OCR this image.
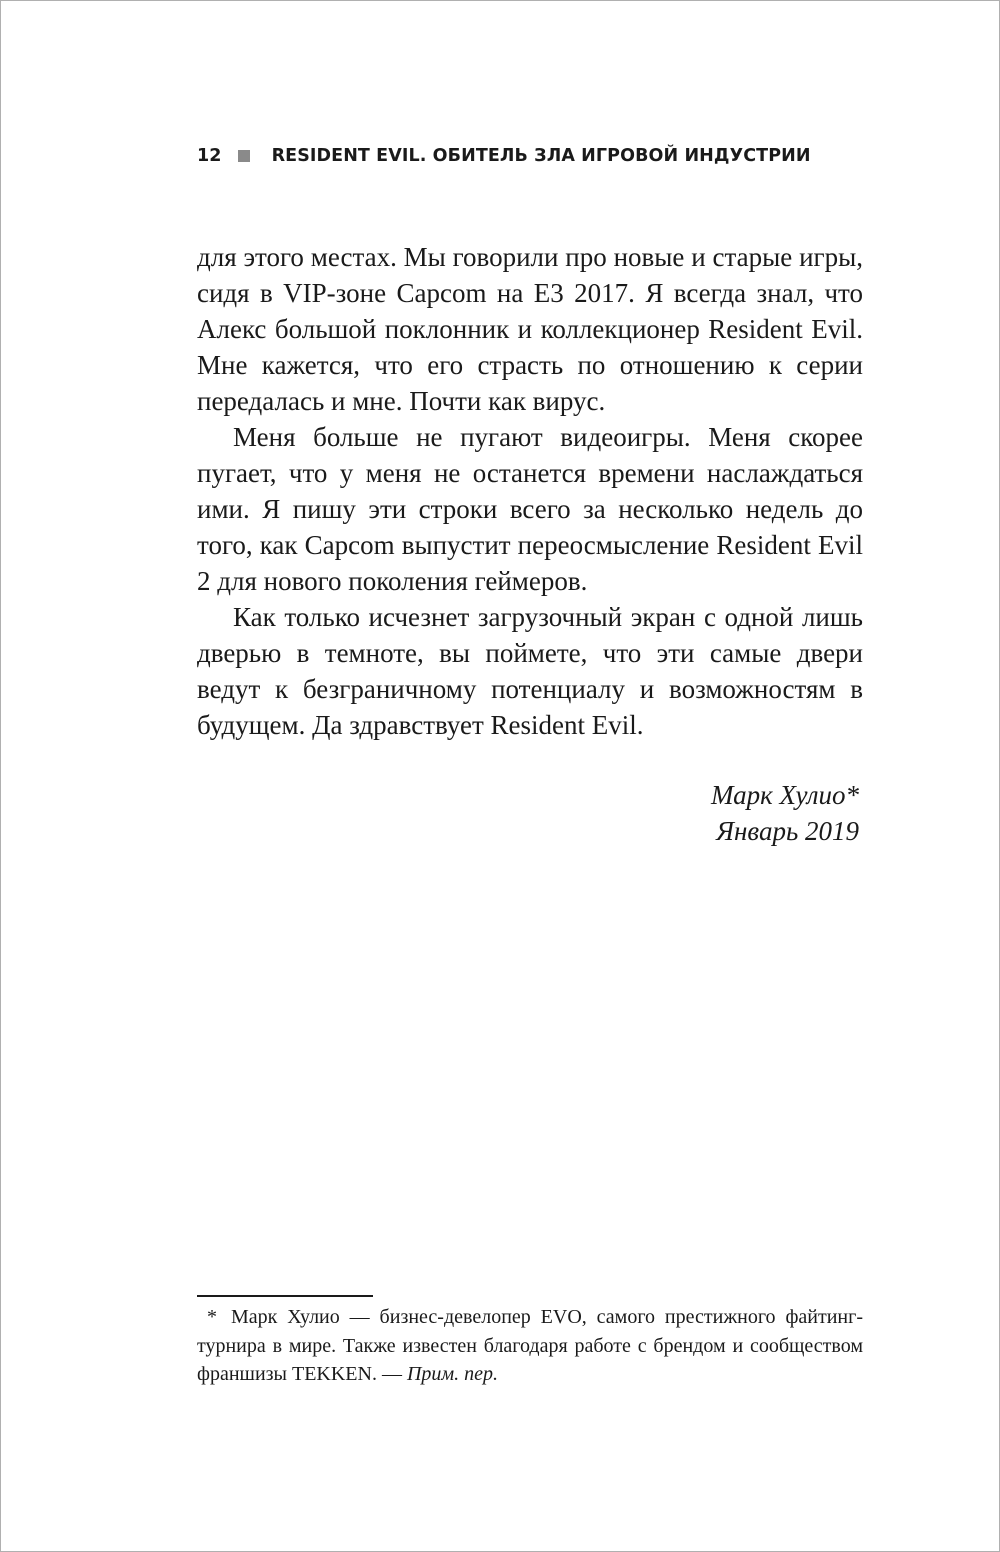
12	RESIDENT EVIL. ОБИТЕЛЬ ЗЛА ИГРОВОЙ ИНДУСТРИИ

для этого местах. Мы говорили про новые и старые игры, сидя в VIP-зоне Capcom на E3 2017. Я всегда знал, что Алекс большой поклонник и коллекционер Resident Evil. Мне кажется, что его страсть по отношению к серии передалась и мне. Почти как вирус.

Меня больше не пугают видеоигры. Меня скорее пугает, что у меня не останется времени наслаждаться ими. Я пишу эти строки всего за несколько недель до того, как Capcom выпустит переосмысление Resident Evil 2 для нового поколения геймеров.

Как только исчезнет загрузочный экран с одной лишь дверью в темноте, вы поймете, что эти самые двери ведут к безграничному потенциалу и возможностям в будущем. Да здравствует Resident Evil.

Марк Хулио*
Январь 2019
* Марк Хулио — бизнес-девелопер EVO, самого престижного файтинг-турнира в мире. Также известен благодаря работе с брендом и сообществом франшизы TEKKEN. — Прим. пер.
